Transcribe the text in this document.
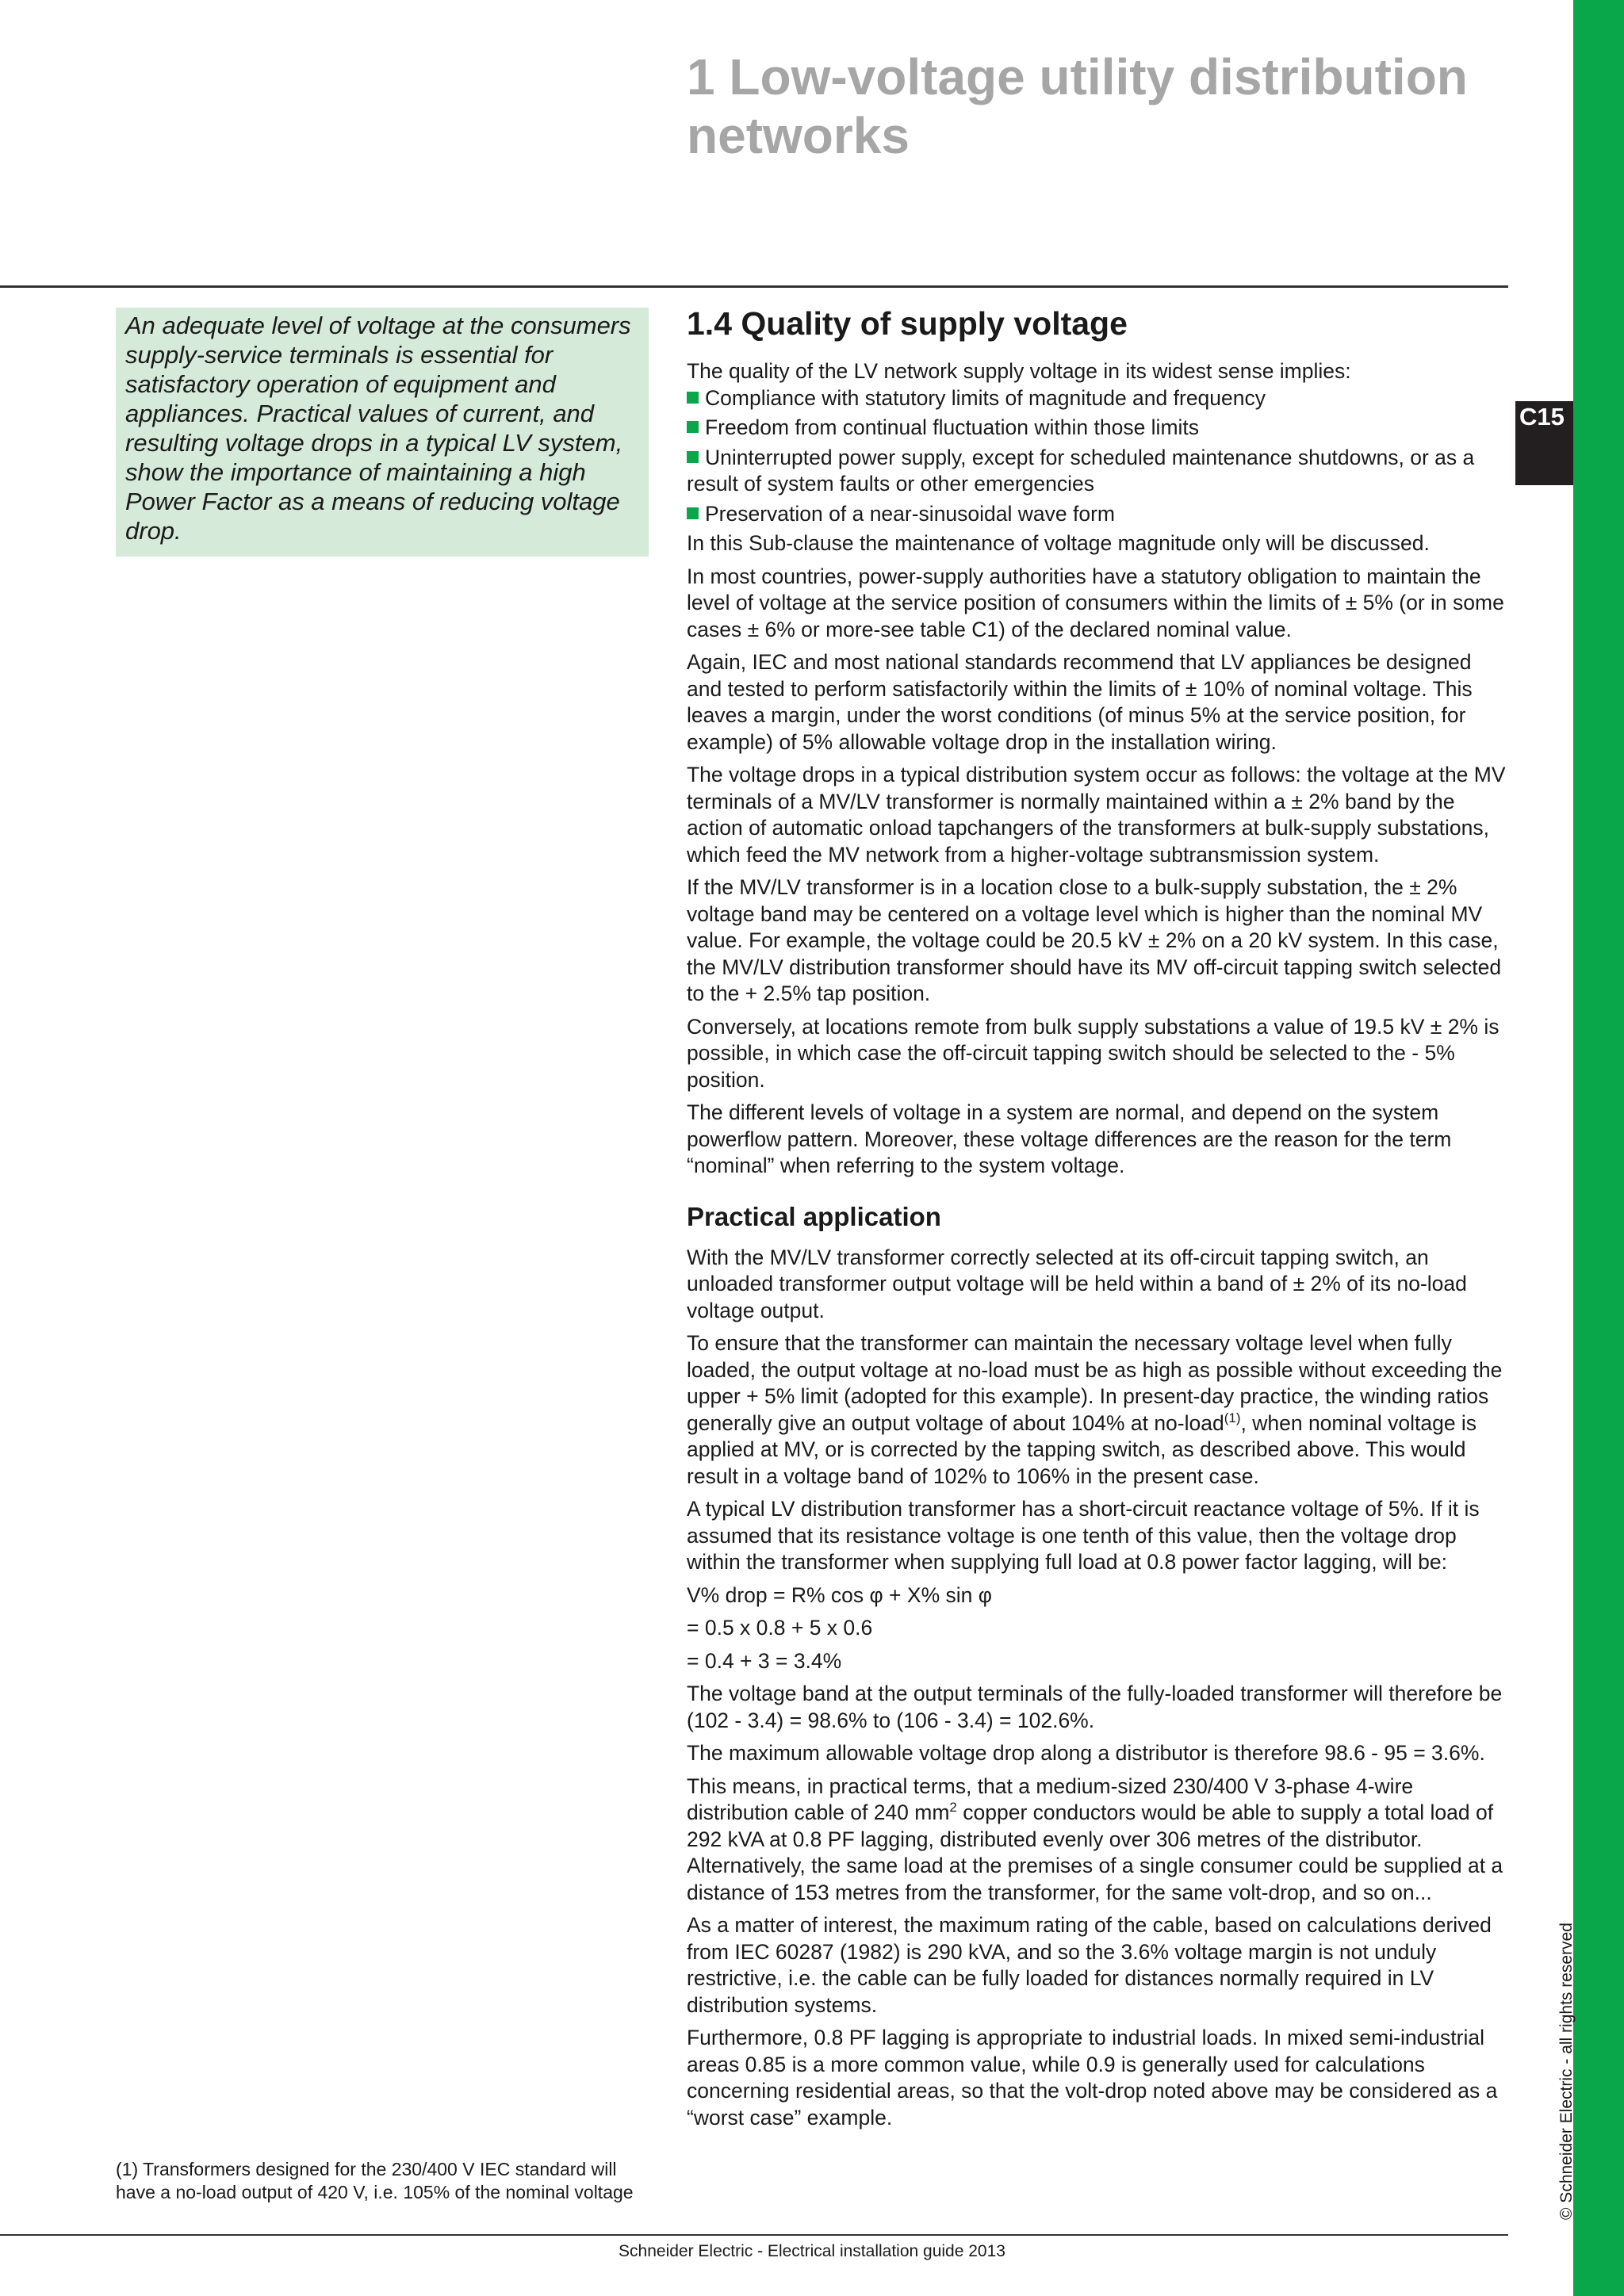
1 Low-voltage utility distribution networks
C15
An adequate level of voltage at the consumers supply-service terminals is essential for satisfactory operation of equipment and appliances. Practical values of current, and resulting voltage drops in a typical LV system, show the importance of maintaining a high Power Factor as a means of reducing voltage drop.
1.4 Quality of supply voltage

The quality of the LV network supply voltage in its widest sense implies:

Compliance with statutory limits of magnitude and frequency
Freedom from continual fluctuation within those limits
Uninterrupted power supply, except for scheduled maintenance shutdowns, or as a result of system faults or other emergencies
Preservation of a near-sinusoidal wave form

In this Sub-clause the maintenance of voltage magnitude only will be discussed.

In most countries, power-supply authorities have a statutory obligation to maintain the level of voltage at the service position of consumers within the limits of ± 5% (or in some cases ± 6% or more-see table C1) of the declared nominal value.

Again, IEC and most national standards recommend that LV appliances be designed and tested to perform satisfactorily within the limits of ± 10% of nominal voltage. This leaves a margin, under the worst conditions (of minus 5% at the service position, for example) of 5% allowable voltage drop in the installation wiring.

The voltage drops in a typical distribution system occur as follows: the voltage at the MV terminals of a MV/LV transformer is normally maintained within a ± 2% band by the action of automatic onload tapchangers of the transformers at bulk-supply substations, which feed the MV network from a higher-voltage subtransmission system.

If the MV/LV transformer is in a location close to a bulk-supply substation, the ± 2% voltage band may be centered on a voltage level which is higher than the nominal MV value. For example, the voltage could be 20.5 kV ± 2% on a 20 kV system. In this case, the MV/LV distribution transformer should have its MV off-circuit tapping switch selected to the + 2.5% tap position.

Conversely, at locations remote from bulk supply substations a value of 19.5 kV ± 2% is possible, in which case the off-circuit tapping switch should be selected to the - 5% position.

The different levels of voltage in a system are normal, and depend on the system powerflow pattern. Moreover, these voltage differences are the reason for the term “nominal” when referring to the system voltage.

Practical application

With the MV/LV transformer correctly selected at its off-circuit tapping switch, an unloaded transformer output voltage will be held within a band of ± 2% of its no-load voltage output.

To ensure that the transformer can maintain the necessary voltage level when fully loaded, the output voltage at no-load must be as high as possible without exceeding the upper + 5% limit (adopted for this example). In present-day practice, the winding ratios generally give an output voltage of about 104% at no-load$^{(1)}$, when nominal voltage is applied at MV, or is corrected by the tapping switch, as described above. This would result in a voltage band of 102% to 106% in the present case.

A typical LV distribution transformer has a short-circuit reactance voltage of 5%. If it is assumed that its resistance voltage is one tenth of this value, then the voltage drop within the transformer when supplying full load at 0.8 power factor lagging, will be:

V% drop = R% cos φ + X% sin φ

= 0.5 x 0.8 + 5 x 0.6

= 0.4 + 3 = 3.4%

The voltage band at the output terminals of the fully-loaded transformer will therefore be (102 - 3.4) = 98.6% to (106 - 3.4) = 102.6%.

The maximum allowable voltage drop along a distributor is therefore 98.6 - 95 = 3.6%.

This means, in practical terms, that a medium-sized 230/400 V 3-phase 4-wire distribution cable of 240 $mm^2$ copper conductors would be able to supply a total load of 292 kVA at 0.8 PF lagging, distributed evenly over 306 metres of the distributor. Alternatively, the same load at the premises of a single consumer could be supplied at a distance of 153 metres from the transformer, for the same volt-drop, and so on...

As a matter of interest, the maximum rating of the cable, based on calculations derived from IEC 60287 (1982) is 290 kVA, and so the 3.6% voltage margin is not unduly restrictive, i.e. the cable can be fully loaded for distances normally required in LV distribution systems.

Furthermore, 0.8 PF lagging is appropriate to industrial loads. In mixed semi-industrial areas 0.85 is a more common value, while 0.9 is generally used for calculations concerning residential areas, so that the volt-drop noted above may be considered as a “worst case” example.

(1) Transformers designed for the 230/400 V IEC standard will have a no-load output of 420 V, i.e. 105% of the nominal voltage
Schneider Electric - Electrical installation guide 2013
© Schneider Electric - all rights reserved
